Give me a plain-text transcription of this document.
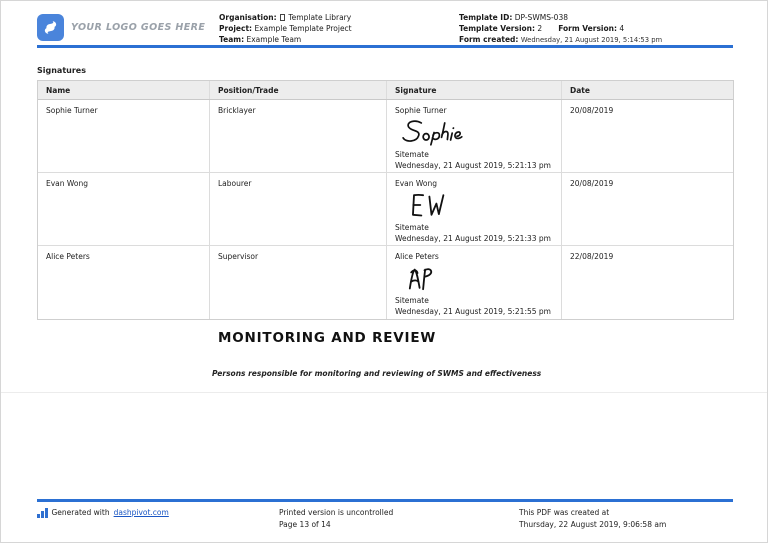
YOUR LOGO GOES HERE
Organisation: Template Library
Project: Example Template Project
Team: Example Team
Template ID: DP-SWMS-038
Template Version: 2 Form Version: 4
Form created: Wednesday, 21 August 2019, 5:14:53 pm
Signatures
Name	Position/Trade	Signature	Date
Sophie Turner	Bricklayer	Sophie Turner
Sitemate
Wednesday, 21 August 2019, 5:21:13 pm
20/08/2019
Evan Wong	Labourer	Evan Wong
Sitemate
Wednesday, 21 August 2019, 5:21:33 pm
20/08/2019
Alice Peters	Supervisor	Alice Peters
Sitemate
Wednesday, 21 August 2019, 5:21:55 pm
22/08/2019
MONITORING AND REVIEW
Persons responsible for monitoring and reviewing of SWMS and effectiveness
Generated with dashpivot.com	Printed version is uncontrolled
Page 13 of 14
This PDF was created at
Thursday, 22 August 2019, 9:06:58 am
